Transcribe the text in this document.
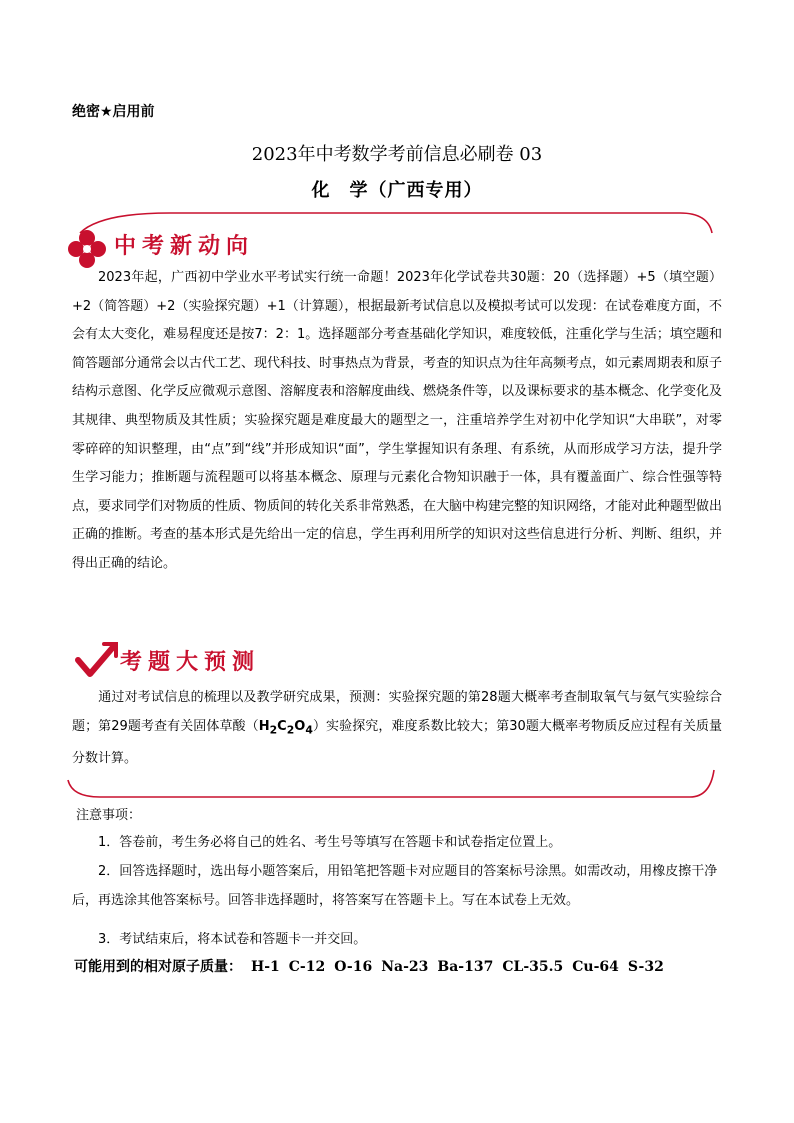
绝密★启用前
2023年中考数学考前信息必刷卷 03
化　学（广西专用）
中考新动向
2023年起，广西初中学业水平考试实行统一命题！2023年化学试卷共30题：20（选择题）+5（填空题）+2（简答题）+2（实验探究题）+1（计算题），根据最新考试信息以及模拟考试可以发现：在试卷难度方面，不会有太大变化，难易程度还是按7：2：1。选择题部分考查基础化学知识，难度较低，注重化学与生活；填空题和简答题部分通常会以古代工艺、现代科技、时事热点为背景，考查的知识点为往年高频考点，如元素周期表和原子结构示意图、化学反应微观示意图、溶解度表和溶解度曲线、燃烧条件等，以及课标要求的基本概念、化学变化及其规律、典型物质及其性质；实验探究题是难度最大的题型之一，注重培养学生对初中化学知识“大串联”，对零零碎碎的知识整理，由“点”到“线”并形成知识“面”，学生掌握知识有条理、有系统，从而形成学习方法，提升学生学习能力；推断题与流程题可以将基本概念、原理与元素化合物知识融于一体，具有覆盖面广、综合性强等特点，要求同学们对物质的性质、物质间的转化关系非常熟悉，在大脑中构建完整的知识网络，才能对此种题型做出正确的推断。考查的基本形式是先给出一定的信息，学生再利用所学的知识对这些信息进行分析、判断、组织，并得出正确的结论。
考题大预测
通过对考试信息的梳理以及教学研究成果，预测：实验探究题的第28题大概率考查制取氧气与氨气实验综合题；第29题考查有关固体草酸$(H_2C_2O_4)$实验探究，难度系数比较大；第30题大概率考物质反应过程有关质量分数计算。
注意事项：
1．答卷前，考生务必将自己的姓名、考生号等填写在答题卡和试卷指定位置上。
2．回答选择题时，选出每小题答案后，用铅笔把答题卡对应题目的答案标号涂黑。如需改动，用橡皮擦干净后，再选涂其他答案标号。回答非选择题时，将答案写在答题卡上。写在本试卷上无效。
3．考试结束后，将本试卷和答题卡一并交回。
可能用到的相对原子质量： H-1 C-12 O-16 Na-23 Ba-137 CL-35.5 Cu-64 S-32
